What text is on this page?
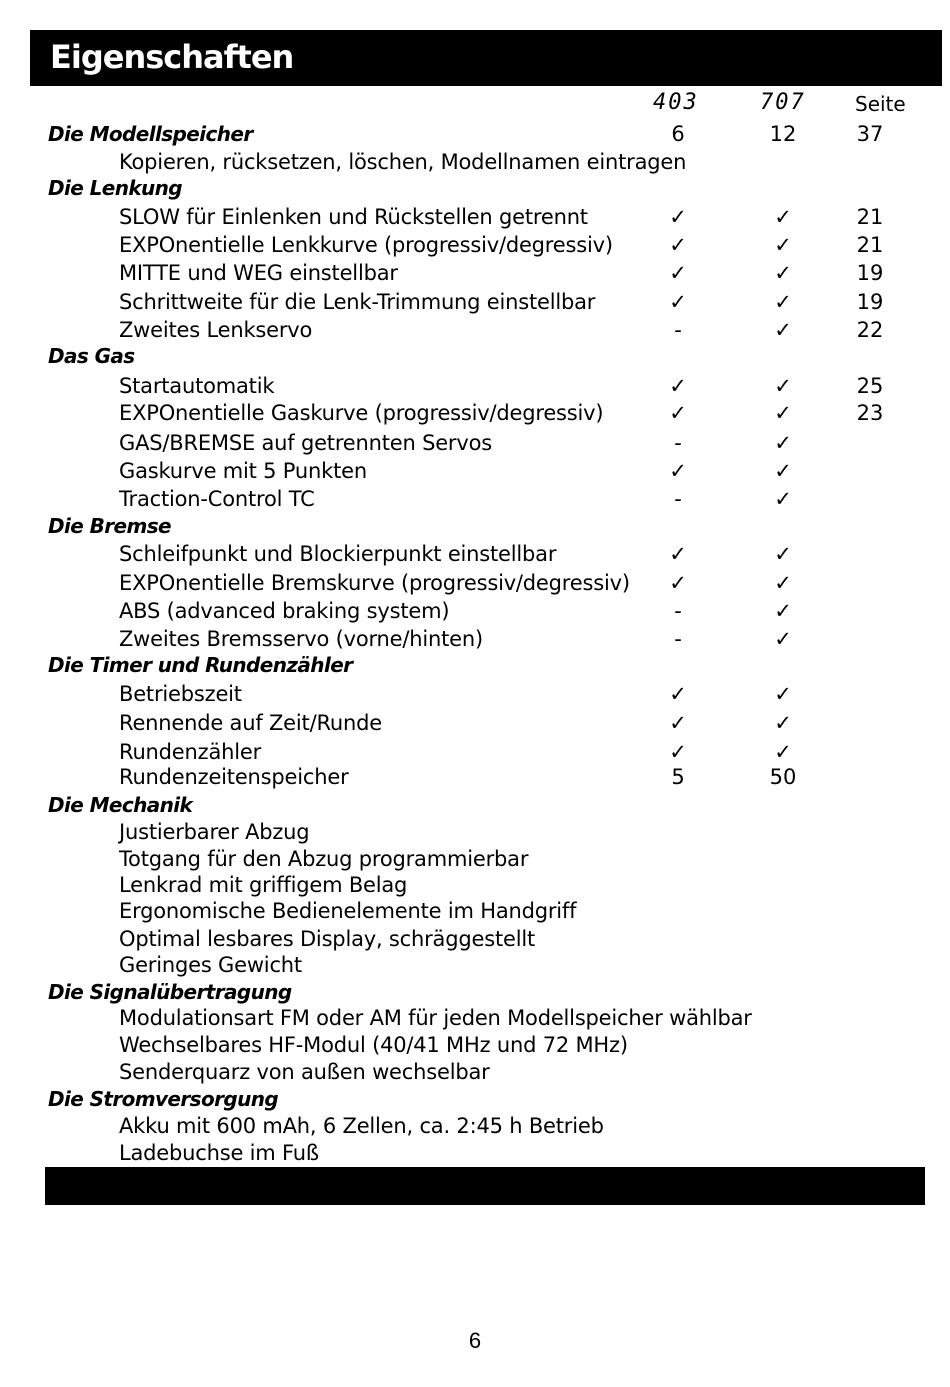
Eigenschaften
403	707 Seite
Die Modellspeicher	6	12	37
Kopieren, rücksetzen, löschen, Modellnamen eintragen
Die Lenkung
SLOW für Einlenken und Rückstellen getrennt	✓	✓	21
EXPOnentielle Lenkkurve (progressiv/degressiv)	✓	✓	21
MITTE und WEG einstellbar	✓	✓	19
Schrittweite für die Lenk-Trimmung einstellbar	✓	✓	19
Zweites Lenkservo	-	✓	22
Das Gas
Startautomatik	✓	✓	25
EXPOnentielle Gaskurve (progressiv/degressiv)	✓	✓	23
GAS/BREMSE auf getrennten Servos	-	✓
Gaskurve mit 5 Punkten	✓	✓
Traction-Control TC	-	✓
Die Bremse
Schleifpunkt und Blockierpunkt einstellbar	✓	✓
EXPOnentielle Bremskurve (progressiv/degressiv)	✓	✓
ABS (advanced braking system)	-	✓
Zweites Bremsservo (vorne/hinten)	-	✓
Die Timer und Rundenzähler
Betriebszeit	✓	✓
Rennende auf Zeit/Runde	✓	✓
Rundenzähler	✓	✓
Rundenzeitenspeicher	5	50
Die Mechanik
Justierbarer Abzug
Totgang für den Abzug programmierbar
Lenkrad mit griffigem Belag
Ergonomische Bedienelemente im Handgriff
Optimal lesbares Display, schräggestellt
Geringes Gewicht
Die Signalübertragung
Modulationsart FM oder AM für jeden Modellspeicher wählbar
Wechselbares HF-Modul (40/41 MHz und 72 MHz)
Senderquarz von außen wechselbar
Die Stromversorgung
Akku mit 600 mAh, 6 Zellen, ca. 2:45 h Betrieb
Ladebuchse im Fuß
6
